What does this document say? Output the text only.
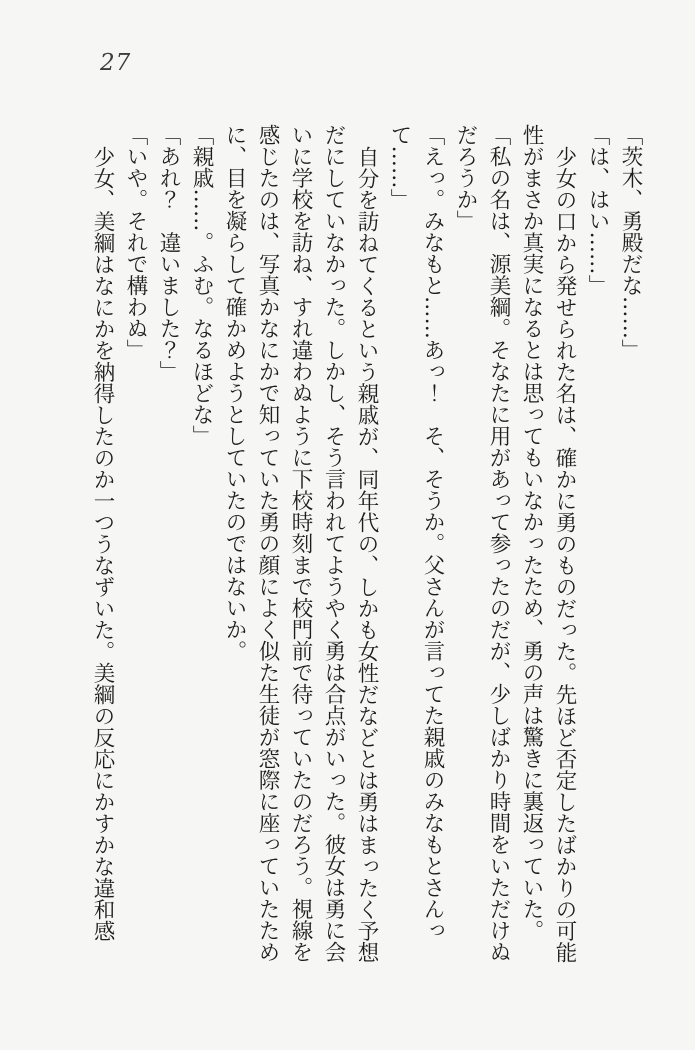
27

「茨木、勇殿だな……」

「は、はい……」

少女の口から発せられた名は、確かに勇のものだった。先ほど否定したばかりの可能性がまさか真実になるとは思ってもいなかったため、勇の声は驚きに裏返っていた。

「私の名は、源美綱。そなたに用があって参ったのだが、少しばかり時間をいただけぬだろうか」

「えっ。みなもと……あっ！　そ、そうか。父さんが言ってた親戚のみなもとさんって……」

自分を訪ねてくるという親戚が、同年代の、しかも女性だなどとは勇はまったく予想だにしていなかった。しかし、そう言われてようやく勇は合点がいった。彼女は勇に会いに学校を訪ね、すれ違わぬように下校時刻まで校門前で待っていたのだろう。視線を感じたのは、写真かなにかで知っていた勇の顔によく似た生徒が窓際に座っていたために、目を凝らして確かめようとしていたのではないか。

「親戚……。ふむ。なるほどな」

「あれ？　違いました？」

「いや。それで構わぬ」

少女、美綱はなにかを納得したのか一つうなずいた。美綱の反応にかすかな違和感
